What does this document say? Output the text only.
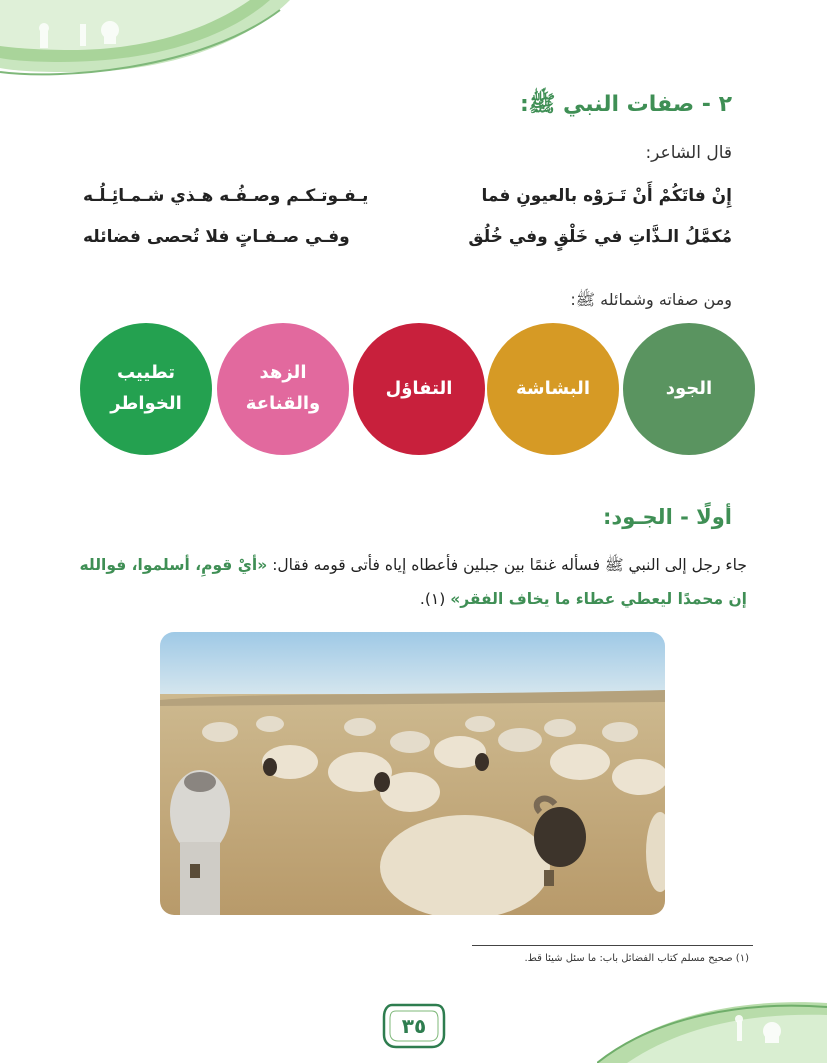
٢ - صفات النبي ﷺ:
قال الشاعر:
إِنْ فاتَكُمْ أَنْ تَـرَوْه بالعيونِ فما
يـفـوتـكـم وصـفُـه هـذي شـمـائِـلُـه
مُكمَّلُ الـذَّاتِ في خَلْقٍ وفي خُلُق
وفـي صـفـاتٍ فلا تُحصى فضائله
ومن صفاته وشمائله ﷺ:
الجود
البشاشة
التفاؤل
الزهد والقناعة
تطييب الخواطر
أولًا - الجـود:
جاء رجل إلى النبي ﷺ فسأله غنمًا بين جبلين فأعطاه إياه فأتى قومه فقال: «أيْ قومِ، أسلموا، فوالله إن محمدًا ليعطي عطاء ما يخاف الفقر» (١).
(١) صحيح مسلم كتاب الفضائل باب: ما سئل شيئا قط.
٣٥
